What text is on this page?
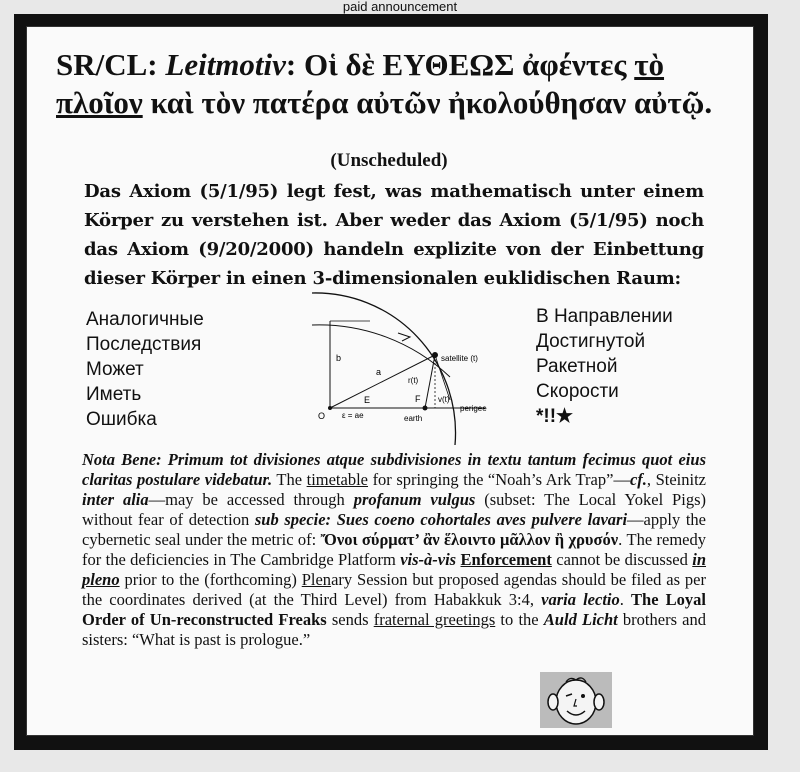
paid announcement
SR/CL: Leitmotiv: Οἱ δὲ ΕΥΘΕΩΣ ἀφέντες τὸ πλοῖον καὶ τὸν πατέρα αὐτῶν ἠκολούθησαν αὐτῷ.
(Unscheduled)
Das Axiom (5/1/95) legt fest, was mathematisch unter einem Körper zu verstehen ist. Aber weder das Axiom (5/1/95) noch das Axiom (9/20/2000) handeln explizite von der Einbettung dieser Körper in einen 3-dimensionalen euklidischen Raum:
Аналогичные
Последствия
Может
Иметь
Ошибка
В Направлении
Достигнутой
Ракетной
Скорости
*!!★
b
a
E	F
O ε = ae
r(t)
v(t)
satellite (t)
earth
perigee
Nota Bene: Primum tot divisiones atque subdivisiones in textu tantum fecimus quot eius claritas postulare videbatur. The timetable for springing the “Noah’s Ark Trap”—cf., Steinitz inter alia—may be accessed through profanum vulgus (subset: The Local Yokel Pigs) without fear of detection sub specie: Sues coeno cohortales aves pulvere lavari—apply the cybernetic seal under the metric of: Ὄνοι σύρματ’ ἂν ἕλοιντο μᾶλλον ἢ χρυσόν. The remedy for the deficiencies in The Cambridge Platform vis-à-vis Enforcement cannot be discussed in pleno prior to the (forthcoming) Plenary Session but proposed agendas should be filed as per the coordinates derived (at the Third Level) from Habakkuk 3:4, varia lectio. The Loyal Order of Un-reconstructed Freaks sends fraternal greetings to the Auld Licht brothers and sisters: “What is past is prologue.”
